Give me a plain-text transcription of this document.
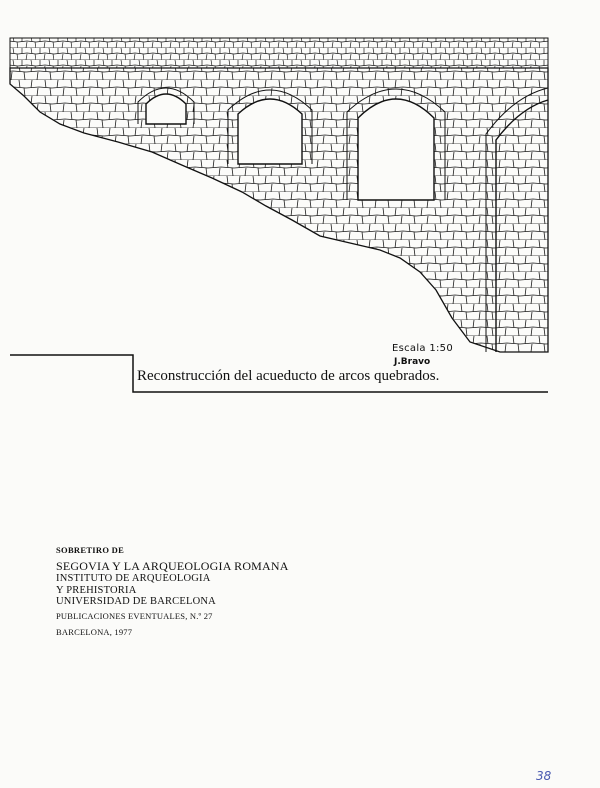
Escala 1:50
J.Bravo
Reconstrucción del acueducto de arcos quebrados.
SOBRETIRO DE
SEGOVIA Y LA ARQUEOLOGIA ROMANA
INSTITUTO DE ARQUEOLOGIA
Y PREHISTORIA
UNIVERSIDAD DE BARCELONA
PUBLICACIONES EVENTUALES, N.º 27
BARCELONA, 1977
38
